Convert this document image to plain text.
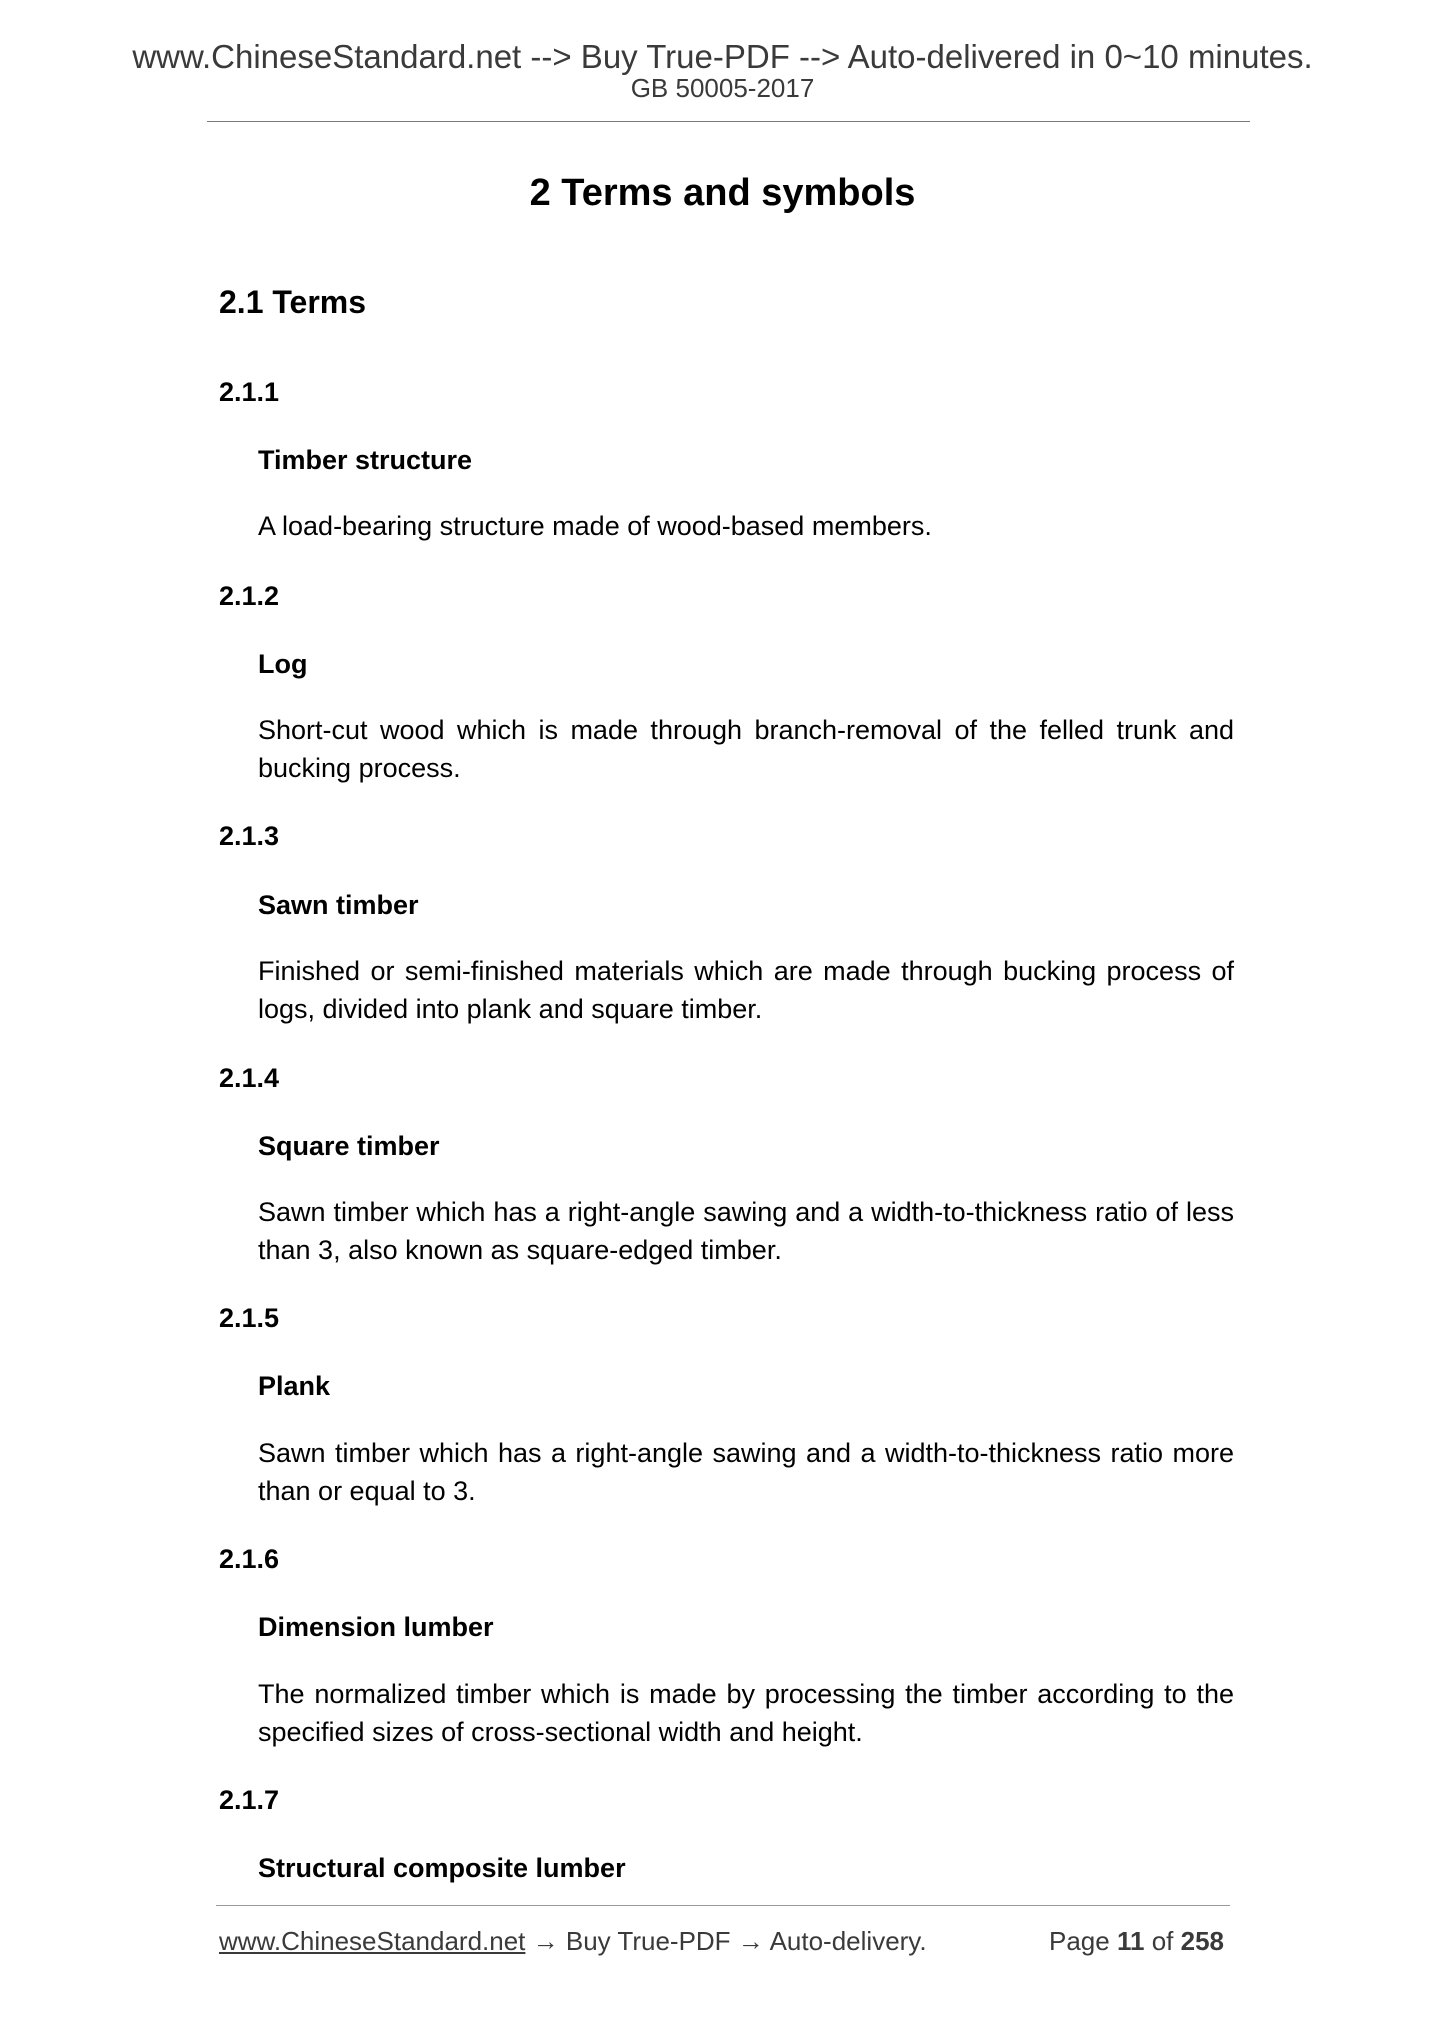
www.ChineseStandard.net --> Buy True-PDF --> Auto-delivered in 0~10 minutes.
GB 50005-2017
2 Terms and symbols
2.1 Terms
2.1.1
Timber structure

A load-bearing structure made of wood-based members.

2.1.2
Log

Short-cut wood which is made through branch-removal of the felled trunk and bucking process.

2.1.3
Sawn timber

Finished or semi-finished materials which are made through bucking process of logs, divided into plank and square timber.

2.1.4
Square timber

Sawn timber which has a right-angle sawing and a width-to-thickness ratio of less than 3, also known as square-edged timber.

2.1.5
Plank

Sawn timber which has a right-angle sawing and a width-to-thickness ratio more than or equal to 3.

2.1.6
Dimension lumber

The normalized timber which is made by processing the timber according to the specified sizes of cross-sectional width and height.

2.1.7
Structural composite lumber
www.ChineseStandard.net → Buy True-PDF → Auto-delivery.	Page 11 of 258
